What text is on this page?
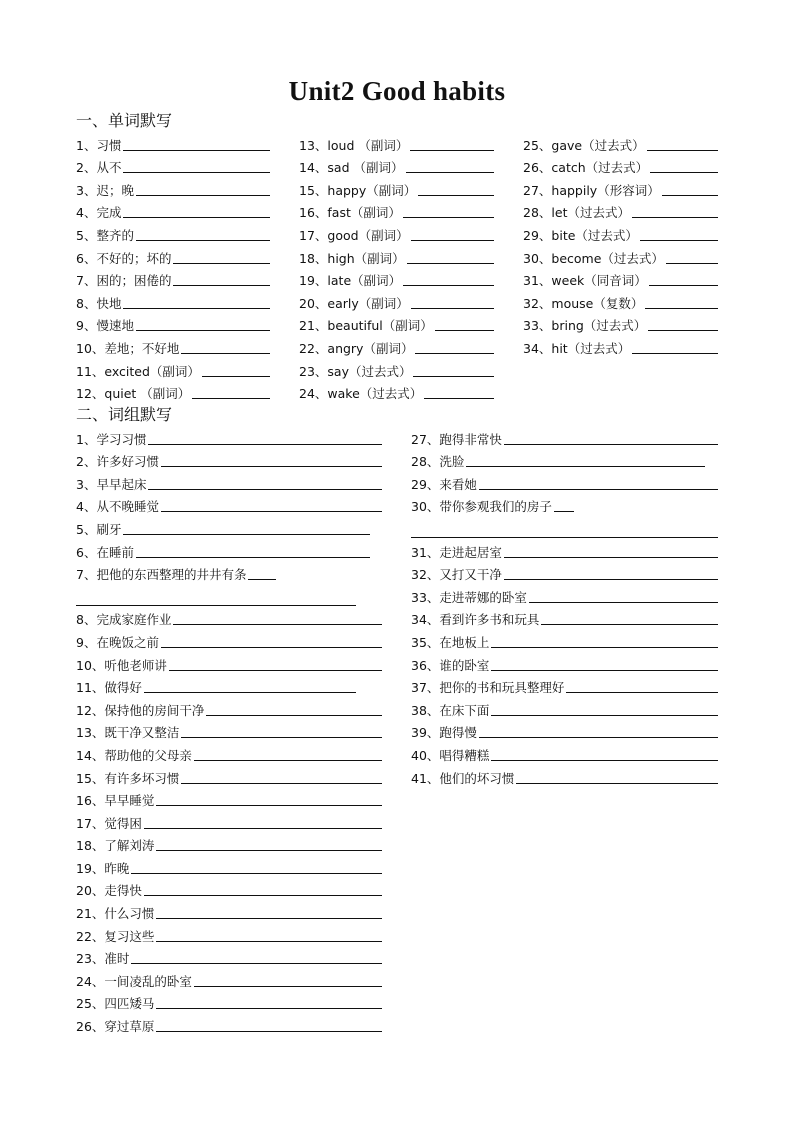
Unit2 Good habits
一、单词默写
1、习惯
2、从不
3、迟；晚
4、完成
5、整齐的
6、不好的；坏的
7、困的；困倦的
8、快地
9、慢速地
10、差地；不好地
11、excited（副词）
12、quiet （副词）
13、loud （副词）
14、sad （副词）
15、happy（副词）
16、fast（副词）
17、good（副词）
18、high（副词）
19、late（副词）
20、early（副词）
21、beautiful（副词）
22、angry（副词）
23、say（过去式）
24、wake（过去式）
25、gave（过去式）
26、catch（过去式）
27、happily（形容词）
28、let（过去式）
29、bite（过去式）
30、become（过去式）
31、week（同音词）
32、mouse（复数）
33、bring（过去式）
34、hit（过去式）
二、词组默写
1、学习习惯
2、许多好习惯
3、早早起床
4、从不晚睡觉
5、刷牙
6、在睡前
7、把他的东西整理的井井有条
8、完成家庭作业
9、在晚饭之前
10、听他老师讲
11、做得好
12、保持他的房间干净
13、既干净又整洁
14、帮助他的父母亲
15、有许多坏习惯
16、早早睡觉
17、觉得困
18、了解刘涛
19、昨晚
20、走得快
21、什么习惯
22、复习这些
23、准时
24、一间凌乱的卧室
25、四匹矮马
26、穿过草原
27、跑得非常快
28、洗脸
29、来看她
30、带你参观我们的房子
31、走进起居室
32、又打又干净
33、走进蒂娜的卧室
34、看到许多书和玩具
35、在地板上
36、谁的卧室
37、把你的书和玩具整理好
38、在床下面
39、跑得慢
40、唱得糟糕
41、他们的坏习惯
